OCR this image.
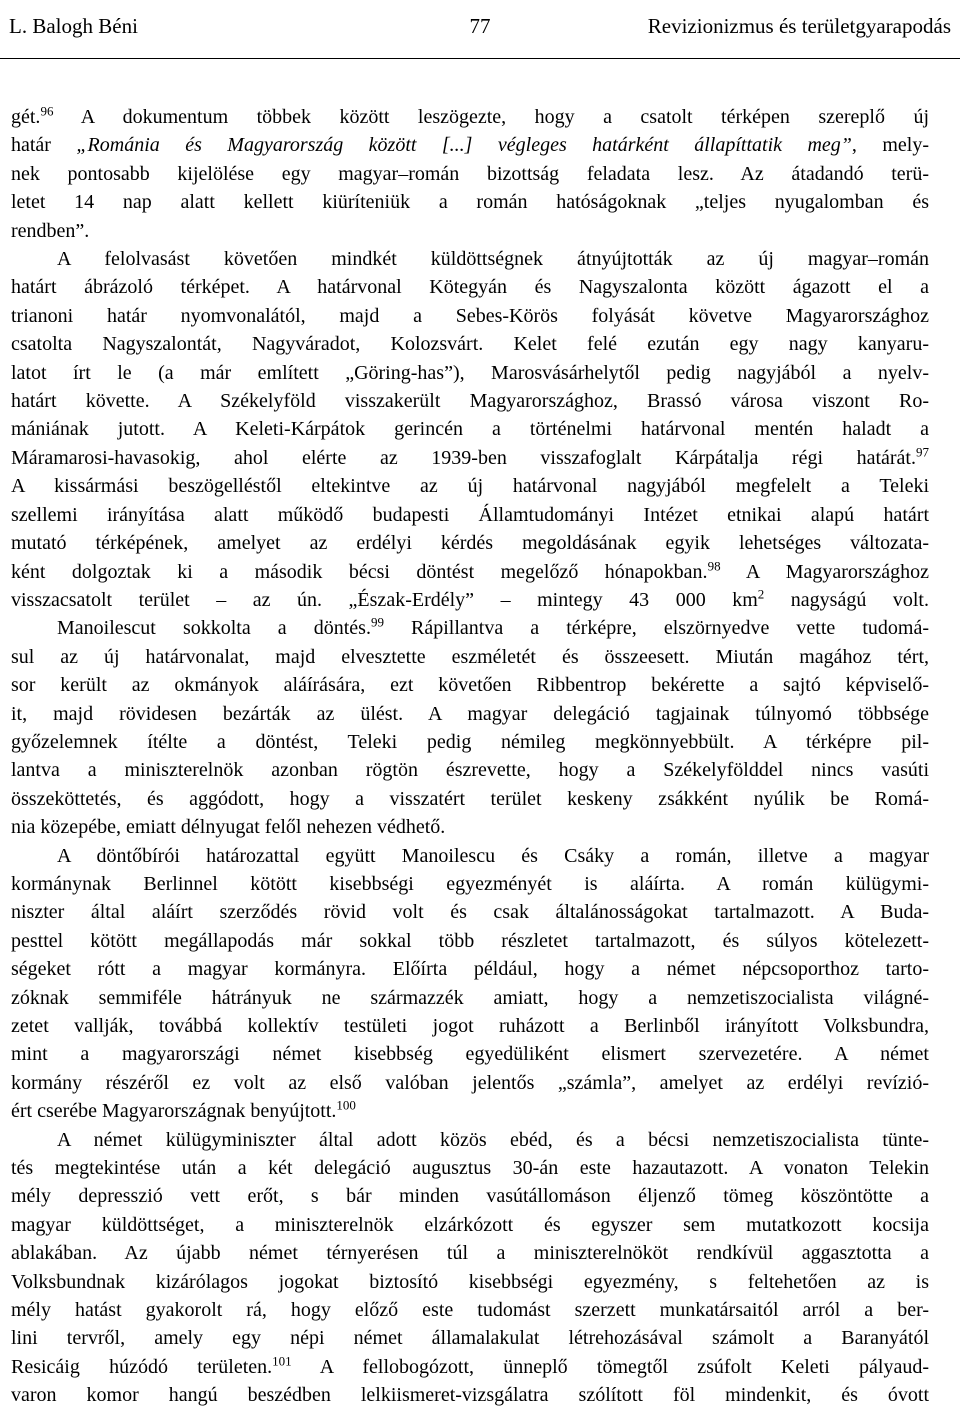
L. Balogh Béni	77	Revizionizmus és területgyarapodás

gét.$^{96}$ A dokumentum többek között leszögezte, hogy a csatolt térképen szereplő új

határ „Románia és Magyarország között [...] végleges határként állapíttatik meg”, mely-

nek pontosabb kijelölése egy magyar–román bizottság feladata lesz. Az átadandó terü-

letet 14 nap alatt kellett kiüríteniük a román hatóságoknak „teljes nyugalomban és

rendben”.

A felolvasást követően mindkét küldöttségnek átnyújtották az új magyar–román

határt ábrázoló térképet. A határvonal Kötegyán és Nagyszalonta között ágazott el a

trianoni határ nyomvonalától, majd a Sebes-Körös folyását követve Magyarországhoz

csatolta Nagyszalontát, Nagyváradot, Kolozsvárt. Kelet felé ezután egy nagy kanyaru-

latot írt le (a már említett „Göring-has”), Marosvásárhelytől pedig nagyjából a nyelv-

határt követte. A Székelyföld visszakerült Magyarországhoz, Brassó városa viszont Ro-

mániának jutott. A Keleti-Kárpátok gerincén a történelmi határvonal mentén haladt a

Máramarosi-havasokig, ahol elérte az 1939-ben visszafoglalt Kárpátalja régi határát.$^{97}$

A kissármási beszögelléstől eltekintve az új határvonal nagyjából megfelelt a Teleki

szellemi irányítása alatt működő budapesti Államtudományi Intézet etnikai alapú határt

mutató térképének, amelyet az erdélyi kérdés megoldásának egyik lehetséges változata-

ként dolgoztak ki a második bécsi döntést megelőző hónapokban.$^{98}$ A Magyarországhoz

visszacsatolt terület – az ún. „Észak-Erdély” – mintegy 43 000 $km^2$ nagyságú volt.

Manoilescut sokkolta a döntés.$^{99}$ Rápillantva a térképre, elszörnyedve vette tudomá-

sul az új határvonalat, majd elvesztette eszméletét és összeesett. Miután magához tért,

sor került az okmányok aláírására, ezt követően Ribbentrop bekérette a sajtó képviselő-

it, majd rövidesen bezárták az ülést. A magyar delegáció tagjainak túlnyomó többsége

győzelemnek ítélte a döntést, Teleki pedig némileg megkönnyebbült. A térképre pil-

lantva a miniszterelnök azonban rögtön észrevette, hogy a Székelyfölddel nincs vasúti

összeköttetés, és aggódott, hogy a visszatért terület keskeny zsákként nyúlik be Romá-

nia közepébe, emiatt délnyugat felől nehezen védhető.

A döntőbírói határozattal együtt Manoilescu és Csáky a román, illetve a magyar

kormánynak Berlinnel kötött kisebbségi egyezményét is aláírta. A román külügymi-

niszter által aláírt szerződés rövid volt és csak általánosságokat tartalmazott. A Buda-

pesttel kötött megállapodás már sokkal több részletet tartalmazott, és súlyos kötelezett-

ségeket rótt a magyar kormányra. Előírta például, hogy a német népcsoporthoz tarto-

zóknak semmiféle hátrányuk ne származzék amiatt, hogy a nemzetiszocialista világné-

zetet vallják, továbbá kollektív testületi jogot ruházott a Berlinből irányított Volksbundra,

mint a magyarországi német kisebbség egyedüliként elismert szervezetére. A német

kormány részéről ez volt az első valóban jelentős „számla”, amelyet az erdélyi revízió-

ért cserébe Magyarországnak benyújtott.$^{100}$

A német külügyminiszter által adott közös ebéd, és a bécsi nemzetiszocialista tünte-

tés megtekintése után a két delegáció augusztus 30-án este hazautazott. A vonaton Telekin

mély depresszió vett erőt, s bár minden vasútállomáson éljenző tömeg köszöntötte a

magyar küldöttséget, a miniszterelnök elzárkózott és egyszer sem mutatkozott kocsija

ablakában. Az újabb német térnyerésen túl a miniszterelnököt rendkívül aggasztotta a

Volksbundnak kizárólagos jogokat biztosító kisebbségi egyezmény, s feltehetően az is

mély hatást gyakorolt rá, hogy előző este tudomást szerzett munkatársaitól arról a ber-

lini tervről, amely egy népi német államalakulat létrehozásával számolt a Baranyától

Resicáig húzódó területen.$^{101}$ A fellobogózott, ünneplő tömegtől zsúfolt Keleti pályaud-

varon komor hangú beszédben lelkiismeret-vizsgálatra szólított föl mindenkit, és óvott
